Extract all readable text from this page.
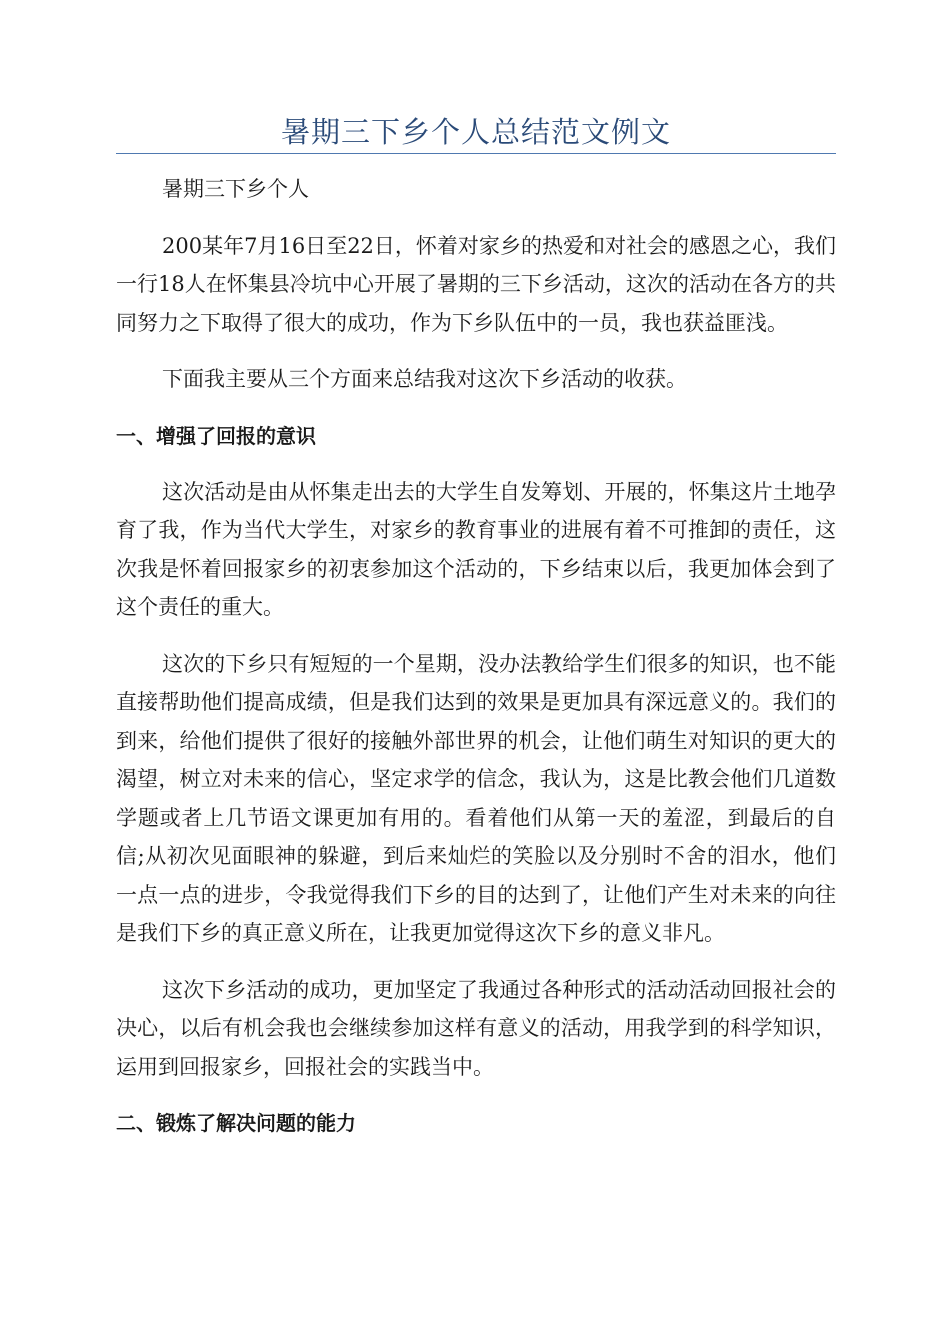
暑期三下乡个人总结范文例文

暑期三下乡个人

200某年7月16日至22日，怀着对家乡的热爱和对社会的感恩之心，我们一行18人在怀集县冷坑中心开展了暑期的三下乡活动，这次的活动在各方的共同努力之下取得了很大的成功，作为下乡队伍中的一员，我也获益匪浅。

下面我主要从三个方面来总结我对这次下乡活动的收获。

一、增强了回报的意识

这次活动是由从怀集走出去的大学生自发筹划、开展的，怀集这片土地孕育了我，作为当代大学生，对家乡的教育事业的进展有着不可推卸的责任，这次我是怀着回报家乡的初衷参加这个活动的，下乡结束以后，我更加体会到了这个责任的重大。

这次的下乡只有短短的一个星期，没办法教给学生们很多的知识，也不能直接帮助他们提高成绩，但是我们达到的效果是更加具有深远意义的。我们的到来，给他们提供了很好的接触外部世界的机会，让他们萌生对知识的更大的渴望，树立对未来的信心，坚定求学的信念，我认为，这是比教会他们几道数学题或者上几节语文课更加有用的。看着他们从第一天的羞涩，到最后的自信;从初次见面眼神的躲避，到后来灿烂的笑脸以及分别时不舍的泪水，他们一点一点的进步，令我觉得我们下乡的目的达到了，让他们产生对未来的向往是我们下乡的真正意义所在，让我更加觉得这次下乡的意义非凡。

这次下乡活动的成功，更加坚定了我通过各种形式的活动活动回报社会的决心，以后有机会我也会继续参加这样有意义的活动，用我学到的科学知识，运用到回报家乡，回报社会的实践当中。

二、锻炼了解决问题的能力
